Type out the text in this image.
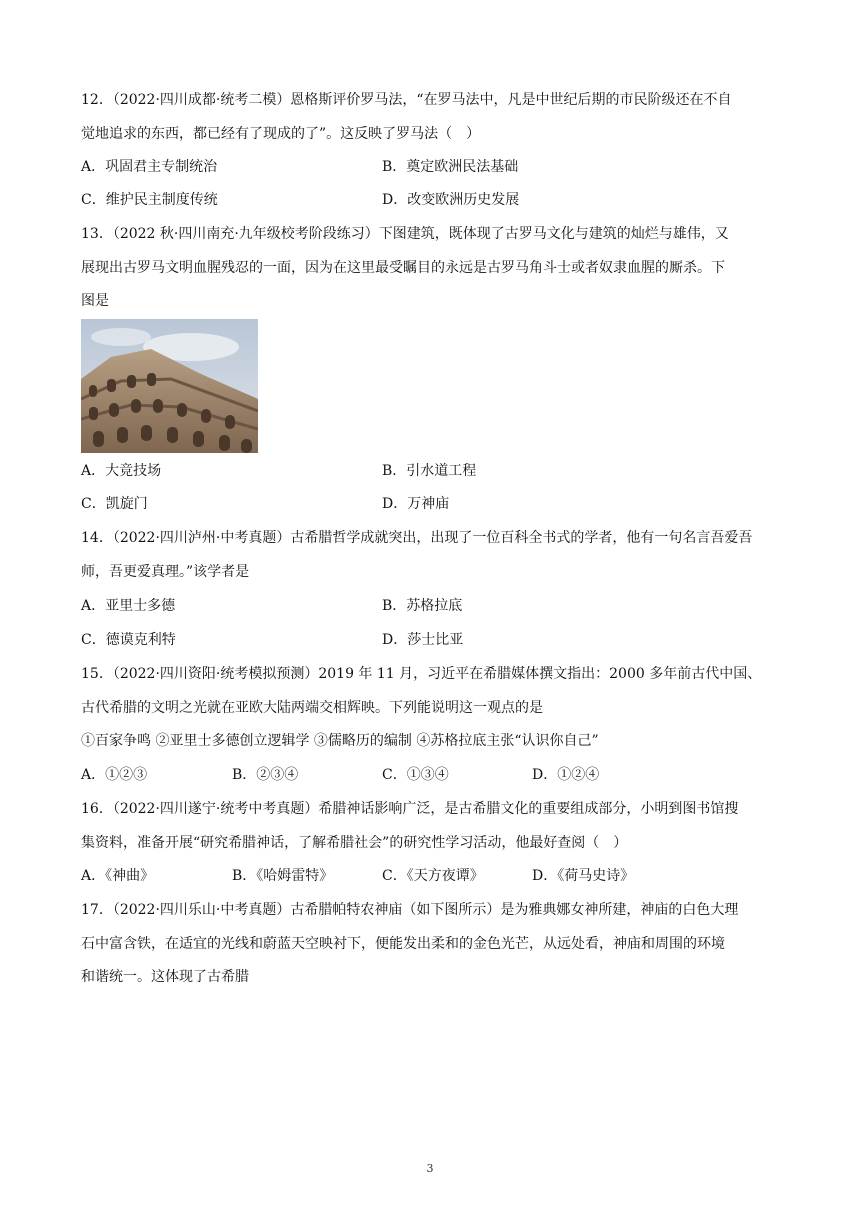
12．（2022·四川成都·统考二模）恩格斯评价罗马法，“在罗马法中，凡是中世纪后期的市民阶级还在不自
觉地追求的东西，都已经有了现成的了”。这反映了罗马法（　）
A．巩固君主专制统治	B．奠定欧洲民法基础
C．维护民主制度传统	D．改变欧洲历史发展
13．（2022 秋·四川南充·九年级校考阶段练习）下图建筑，既体现了古罗马文化与建筑的灿烂与雄伟，又
展现出古罗马文明血腥残忍的一面，因为在这里最受瞩目的永远是古罗马角斗士或者奴隶血腥的厮杀。下
图是
A．大竞技场	B．引水道工程
C．凯旋门	D．万神庙
14．（2022·四川泸州·中考真题）古希腊哲学成就突出，出现了一位百科全书式的学者，他有一句名言吾爱吾
师，吾更爱真理。”该学者是
A．亚里士多德	B．苏格拉底
C．德谟克利特	D．莎士比亚
15．（2022·四川资阳·统考模拟预测）2019 年 11 月，习近平在希腊媒体撰文指出：2000 多年前古代中国、
古代希腊的文明之光就在亚欧大陆两端交相辉映。下列能说明这一观点的是
①百家争鸣 ②亚里士多德创立逻辑学 ③儒略历的编制 ④苏格拉底主张“认识你自己”
A．①②③	B．②③④	C．①③④	D．①②④
16．（2022·四川遂宁·统考中考真题）希腊神话影响广泛，是古希腊文化的重要组成部分，小明到图书馆搜
集资料，准备开展“研究希腊神话，了解希腊社会”的研究性学习活动，他最好查阅（　）
A．《神曲》	B．《哈姆雷特》	C．《天方夜谭》	D．《荷马史诗》
17．（2022·四川乐山·中考真题）古希腊帕特农神庙（如下图所示）是为雅典娜女神所建，神庙的白色大理
石中富含铁，在适宜的光线和蔚蓝天空映衬下，便能发出柔和的金色光芒，从远处看，神庙和周围的环境
和谐统一。这体现了古希腊
3
